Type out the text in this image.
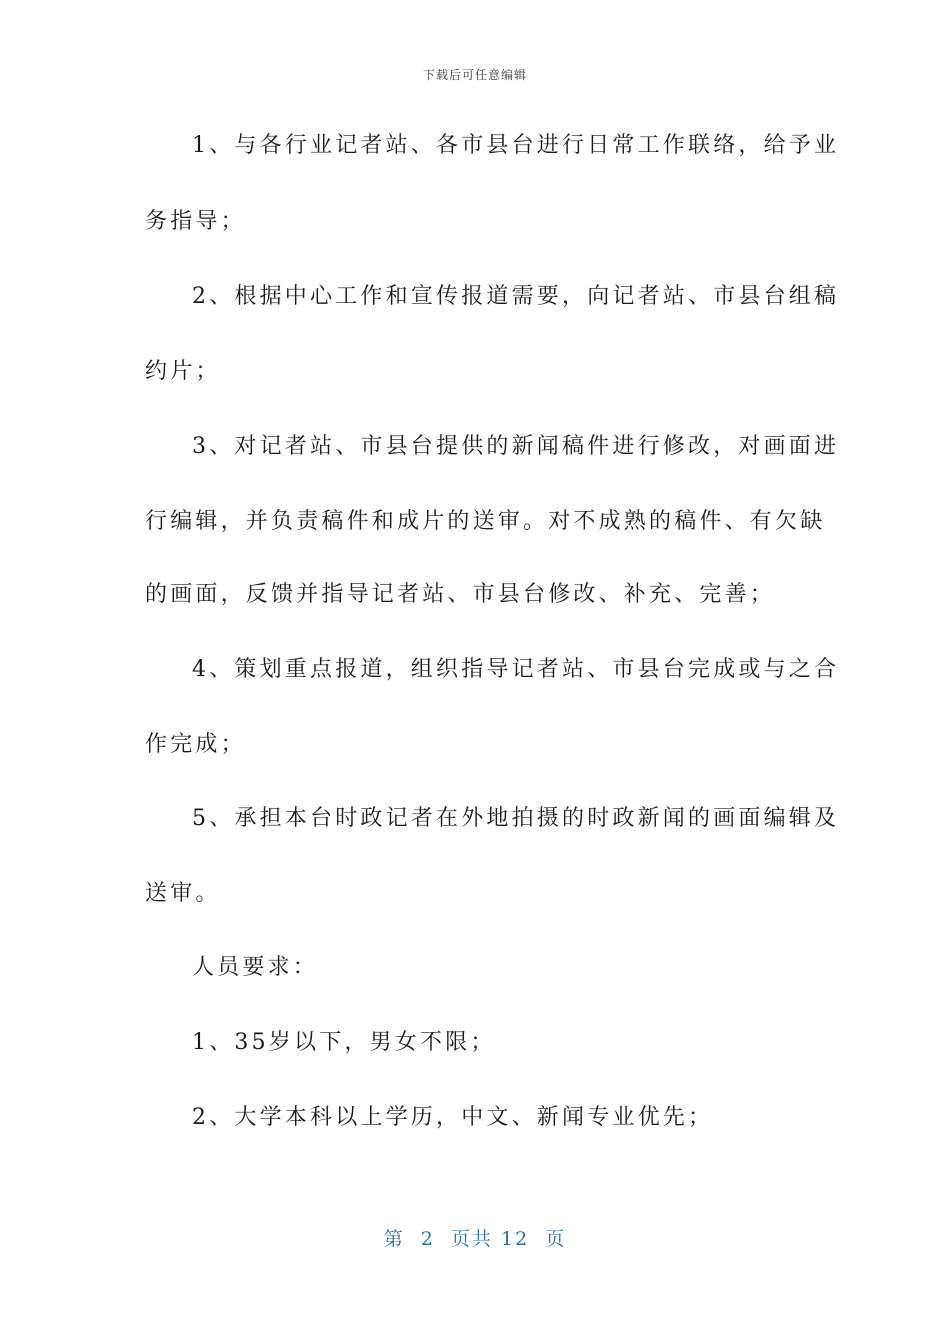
下载后可任意编辑
1、与各行业记者站、各市县台进行日常工作联络，给予业
务指导；
2、根据中心工作和宣传报道需要，向记者站、市县台组稿
约片；
3、对记者站、市县台提供的新闻稿件进行修改，对画面进
行编辑，并负责稿件和成片的送审。对不成熟的稿件、有欠缺
的画面，反馈并指导记者站、市县台修改、补充、完善；
4、策划重点报道，组织指导记者站、市县台完成或与之合
作完成；
5、承担本台时政记者在外地拍摄的时政新闻的画面编辑及
送审。
人员要求：
1、35岁以下，男女不限；
2、大学本科以上学历，中文、新闻专业优先；
第  2  页共 12  页
